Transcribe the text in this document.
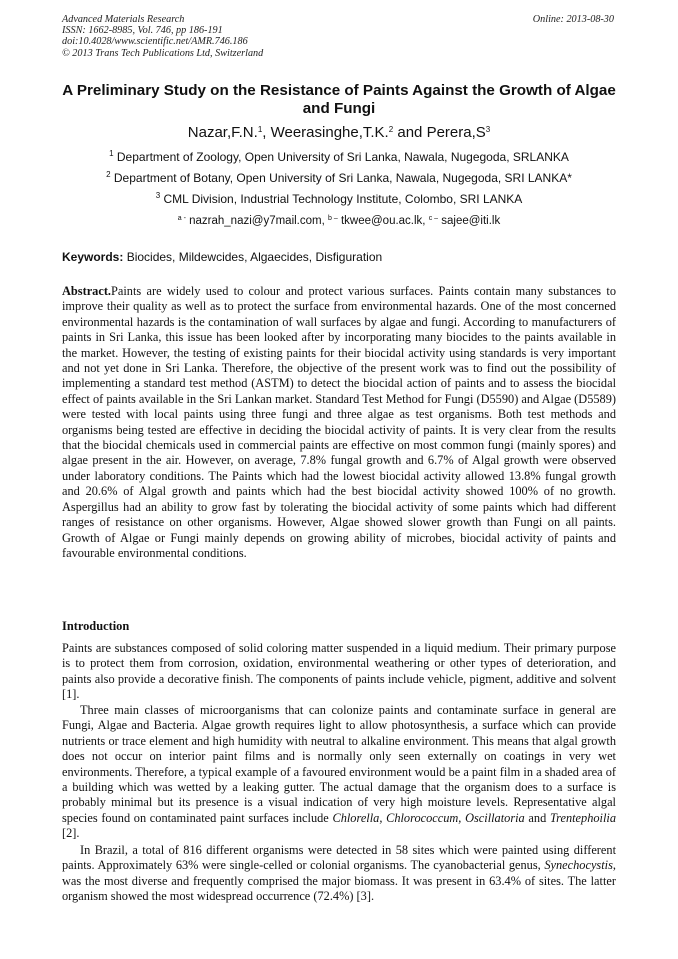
Advanced Materials Research
ISSN: 1662-8985, Vol. 746, pp 186-191
doi:10.4028/www.scientific.net/AMR.746.186
© 2013 Trans Tech Publications Ltd, Switzerland
Online: 2013-08-30
A Preliminary Study on the Resistance of Paints Against the Growth of Algae and Fungi
Nazar,F.N.$^1$, Weerasinghe,T.K.$^2$ and $Perera,S^3$
$^1$ Department of Zoology, Open University of Sri Lanka, Nawala, Nugegoda, SRLANKA
$^2$ Department of Botany, Open University of Sri Lanka, Nawala, Nugegoda, SRI LANKA*
$^3$ CML Division, Industrial Technology Institute, Colombo, SRI LANKA
$^{a -}$ nazrah_nazi@y7mail.com, $^{b -}$ tkwee@ou.ac.lk, $^{c -}$ sajee@iti.lk
Keywords: Biocides, Mildewcides, Algaecides, Disfiguration
Abstract.Paints are widely used to colour and protect various surfaces. Paints contain many substances to improve their quality as well as to protect the surface from environmental hazards. One of the most concerned environmental hazards is the contamination of wall surfaces by algae and fungi. According to manufacturers of paints in Sri Lanka, this issue has been looked after by incorporating many biocides to the paints available in the market. However, the testing of existing paints for their biocidal activity using standards is very important and not yet done in Sri Lanka. Therefore, the objective of the present work was to find out the possibility of implementing a standard test method (ASTM) to detect the biocidal action of paints and to assess the biocidal effect of paints available in the Sri Lankan market. Standard Test Method for Fungi (D5590) and Algae (D5589) were tested with local paints using three fungi and three algae as test organisms. Both test methods and organisms being tested are effective in deciding the biocidal activity of paints. It is very clear from the results that the biocidal chemicals used in commercial paints are effective on most common fungi (mainly spores) and algae present in the air. However, on average, 7.8% fungal growth and 6.7% of Algal growth were observed under laboratory conditions. The Paints which had the lowest biocidal activity allowed 13.8% fungal growth and 20.6% of Algal growth and paints which had the best biocidal activity showed 100% of no growth. Aspergillus had an ability to grow fast by tolerating the biocidal activity of some paints which had different ranges of resistance on other organisms. However, Algae showed slower growth than Fungi on all paints. Growth of Algae or Fungi mainly depends on growing ability of microbes, biocidal activity of paints and favourable environmental conditions.
Introduction
Paints are substances composed of solid coloring matter suspended in a liquid medium. Their primary purpose is to protect them from corrosion, oxidation, environmental weathering or other types of deterioration, and paints also provide a decorative finish. The components of paints include vehicle, pigment, additive and solvent [1].
Three main classes of microorganisms that can colonize paints and contaminate surface in general are Fungi, Algae and Bacteria. Algae growth requires light to allow photosynthesis, a surface which can provide nutrients or trace element and high humidity with neutral to alkaline environment. This means that algal growth does not occur on interior paint films and is normally only seen externally on coatings in very wet environments. Therefore, a typical example of a favoured environment would be a paint film in a shaded area of a building which was wetted by a leaking gutter. The actual damage that the organism does to a surface is probably minimal but its presence is a visual indication of very high moisture levels. Representative algal species found on contaminated paint surfaces include Chlorella, Chlorococcum, Oscillatoria and Trentephoilia [2].
In Brazil, a total of 816 different organisms were detected in 58 sites which were painted using different paints. Approximately 63% were single-celled or colonial organisms. The cyanobacterial genus, Synechocystis, was the most diverse and frequently comprised the major biomass. It was present in 63.4% of sites. The latter organism showed the most widespread occurrence (72.4%) [3].
